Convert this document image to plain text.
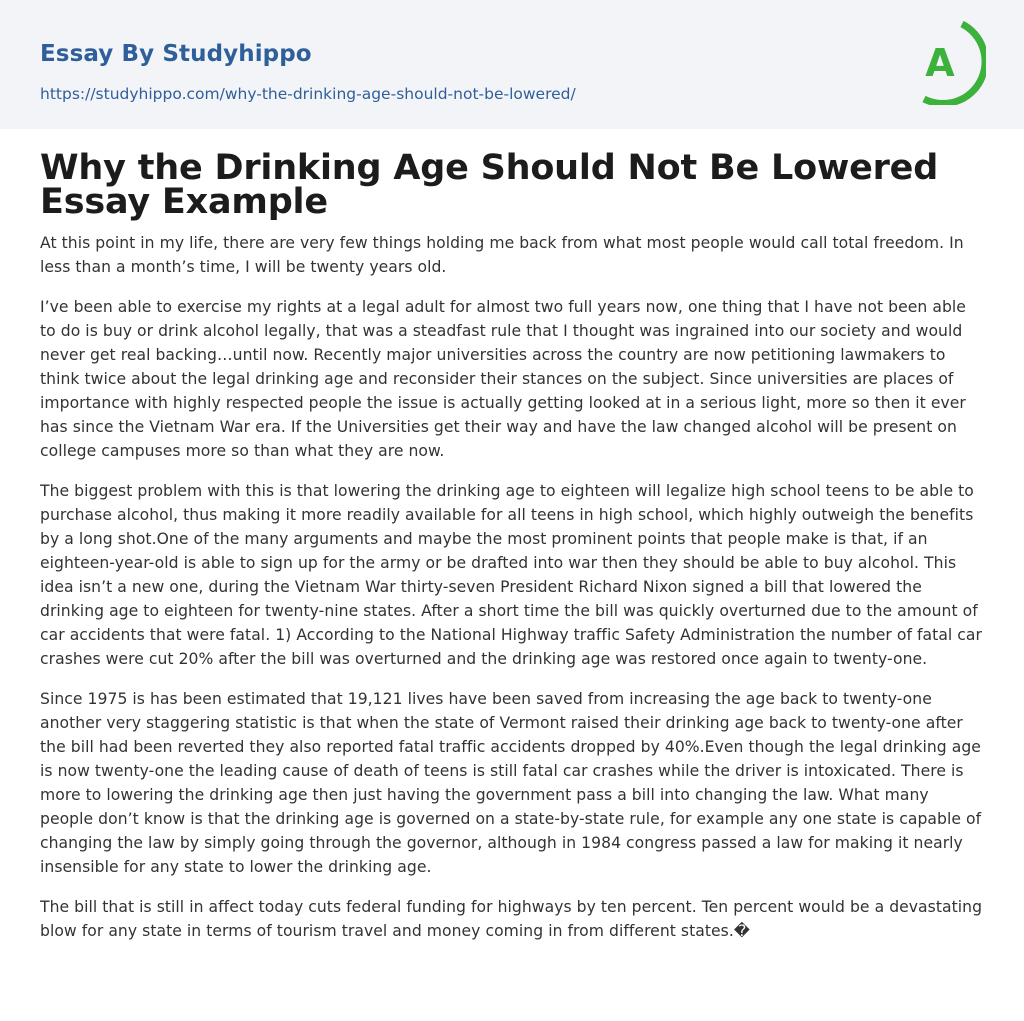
Essay By Studyhippo
https://studyhippo.com/why-the-drinking-age-should-not-be-lowered/
A
Why the Drinking Age Should Not Be Lowered Essay Example

At this point in my life, there are very few things holding me back from what most people would call total freedom. In less than a month’s time, I will be twenty years old.

I’ve been able to exercise my rights at a legal adult for almost two full years now, one thing that I have not been able to do is buy or drink alcohol legally, that was a steadfast rule that I thought was ingrained into our society and would never get real backing…until now. Recently major universities across the country are now petitioning lawmakers to think twice about the legal drinking age and reconsider their stances on the subject. Since universities are places of importance with highly respected people the issue is actually getting looked at in a serious light, more so then it ever has since the Vietnam War era. If the Universities get their way and have the law changed alcohol will be present on college campuses more so than what they are now.

The biggest problem with this is that lowering the drinking age to eighteen will legalize high school teens to be able to purchase alcohol, thus making it more readily available for all teens in high school, which highly outweigh the benefits by a long shot.One of the many arguments and maybe the most prominent points that people make is that, if an eighteen-year-old is able to sign up for the army or be drafted into war then they should be able to buy alcohol. This idea isn’t a new one, during the Vietnam War thirty-seven President Richard Nixon signed a bill that lowered the drinking age to eighteen for twenty-nine states. After a short time the bill was quickly overturned due to the amount of car accidents that were fatal. 1) According to the National Highway traffic Safety Administration the number of fatal car crashes were cut 20% after the bill was overturned and the drinking age was restored once again to twenty-one.

Since 1975 is has been estimated that 19,121 lives have been saved from increasing the age back to twenty-one another very staggering statistic is that when the state of Vermont raised their drinking age back to twenty-one after the bill had been reverted they also reported fatal traffic accidents dropped by 40%.Even though the legal drinking age is now twenty-one the leading cause of death of teens is still fatal car crashes while the driver is intoxicated. There is more to lowering the drinking age then just having the government pass a bill into changing the law. What many people don’t know is that the drinking age is governed on a state-by-state rule, for example any one state is capable of changing the law by simply going through the governor, although in 1984 congress passed a law for making it nearly insensible for any state to lower the drinking age.

The bill that is still in affect today cuts federal funding for highways by ten percent. Ten percent would be a devastating blow for any state in terms of tourism travel and money coming in from different states.�
